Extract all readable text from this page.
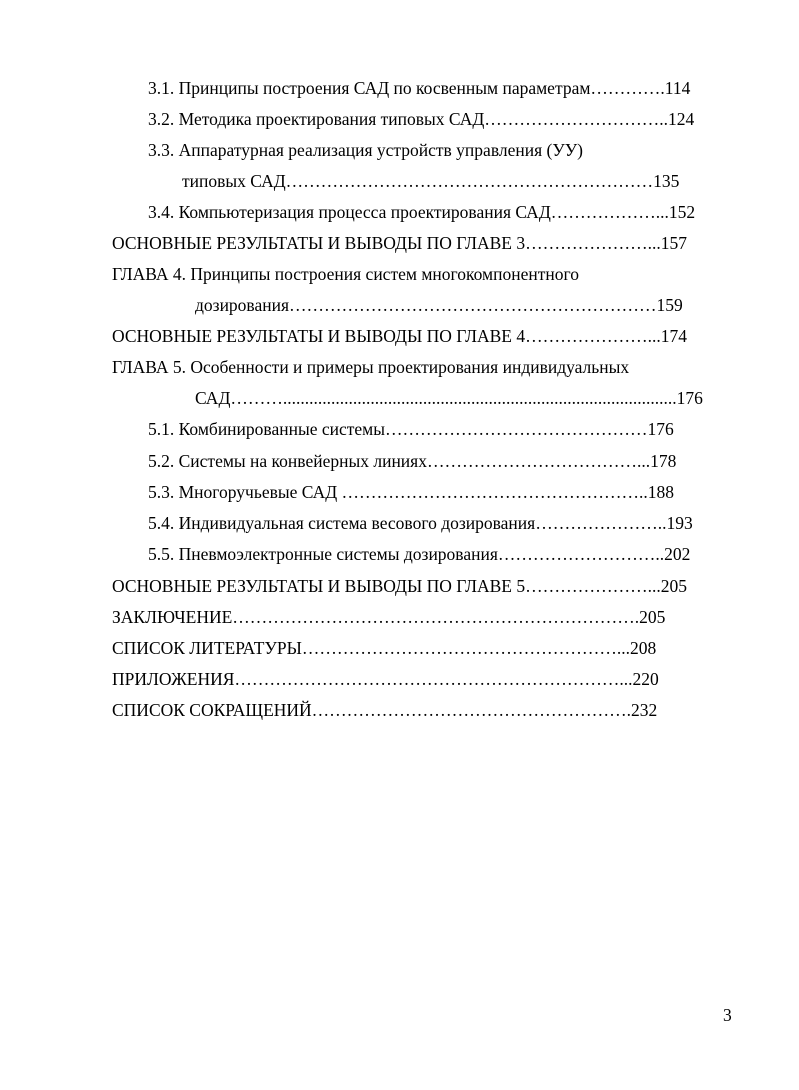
3.1. Принципы построения САД по косвенным параметрам………….114
3.2. Методика проектирования типовых САД…………………………..124
3.3. Аппаратурная реализация устройств управления (УУ)
типовых САД………………………………………………………135
3.4. Компьютеризация процесса проектирования САД………………...152
ОСНОВНЫЕ РЕЗУЛЬТАТЫ И ВЫВОДЫ ПО ГЛАВЕ 3…………………...157
ГЛАВА 4. Принципы построения систем многокомпонентного
дозирования………………………………………………………159
ОСНОВНЫЕ РЕЗУЛЬТАТЫ И ВЫВОДЫ ПО ГЛАВЕ 4…………………...174
ГЛАВА 5. Особенности и примеры проектирования индивидуальных
САД………..........................................................................................176
5.1. Комбинированные системы………………………………………176
5.2. Системы на конвейерных линиях………………………………...178
5.3. Многоручьевые САД ……………………………………………..188
5.4. Индивидуальная система весового дозирования…………………..193
5.5. Пневмоэлектронные системы дозирования………………………..202
ОСНОВНЫЕ РЕЗУЛЬТАТЫ И ВЫВОДЫ ПО ГЛАВЕ 5…………………...205
ЗАКЛЮЧЕНИЕ…………………………………………………………….205
СПИСОК ЛИТЕРАТУРЫ………………………………………………...208
ПРИЛОЖЕНИЯ…………………………………………………………...220
СПИСОК СОКРАЩЕНИЙ……………………………………………….232
3
